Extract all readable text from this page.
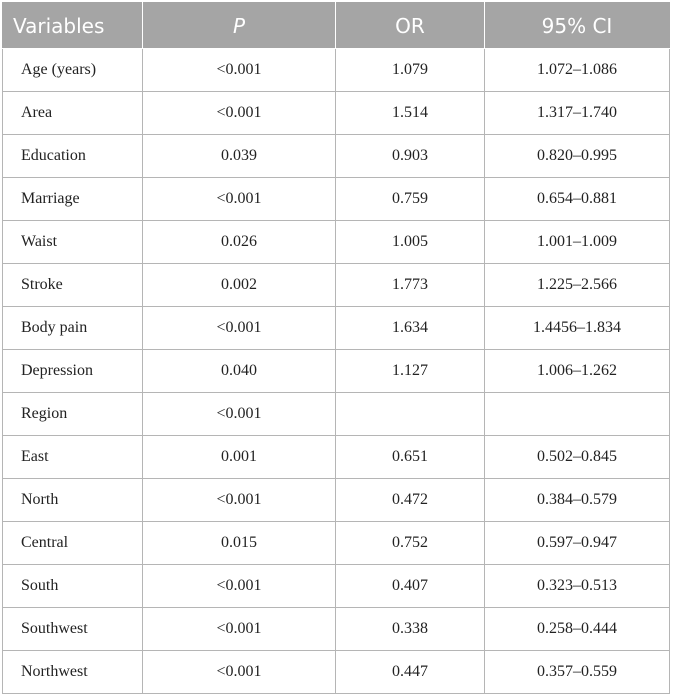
Variables	P	OR	95% CI
Age (years)	<0.001	1.079	1.072–1.086
Area	<0.001	1.514	1.317–1.740
Education	0.039	0.903	0.820–0.995
Marriage	<0.001	0.759	0.654–0.881
Waist	0.026	1.005	1.001–1.009
Stroke	0.002	1.773	1.225–2.566
Body pain	<0.001	1.634	1.4456–1.834
Depression	0.040	1.127	1.006–1.262
Region	<0.001		
East	0.001	0.651	0.502–0.845
North	<0.001	0.472	0.384–0.579
Central	0.015	0.752	0.597–0.947
South	<0.001	0.407	0.323–0.513
Southwest	<0.001	0.338	0.258–0.444
Northwest	<0.001	0.447	0.357–0.559
